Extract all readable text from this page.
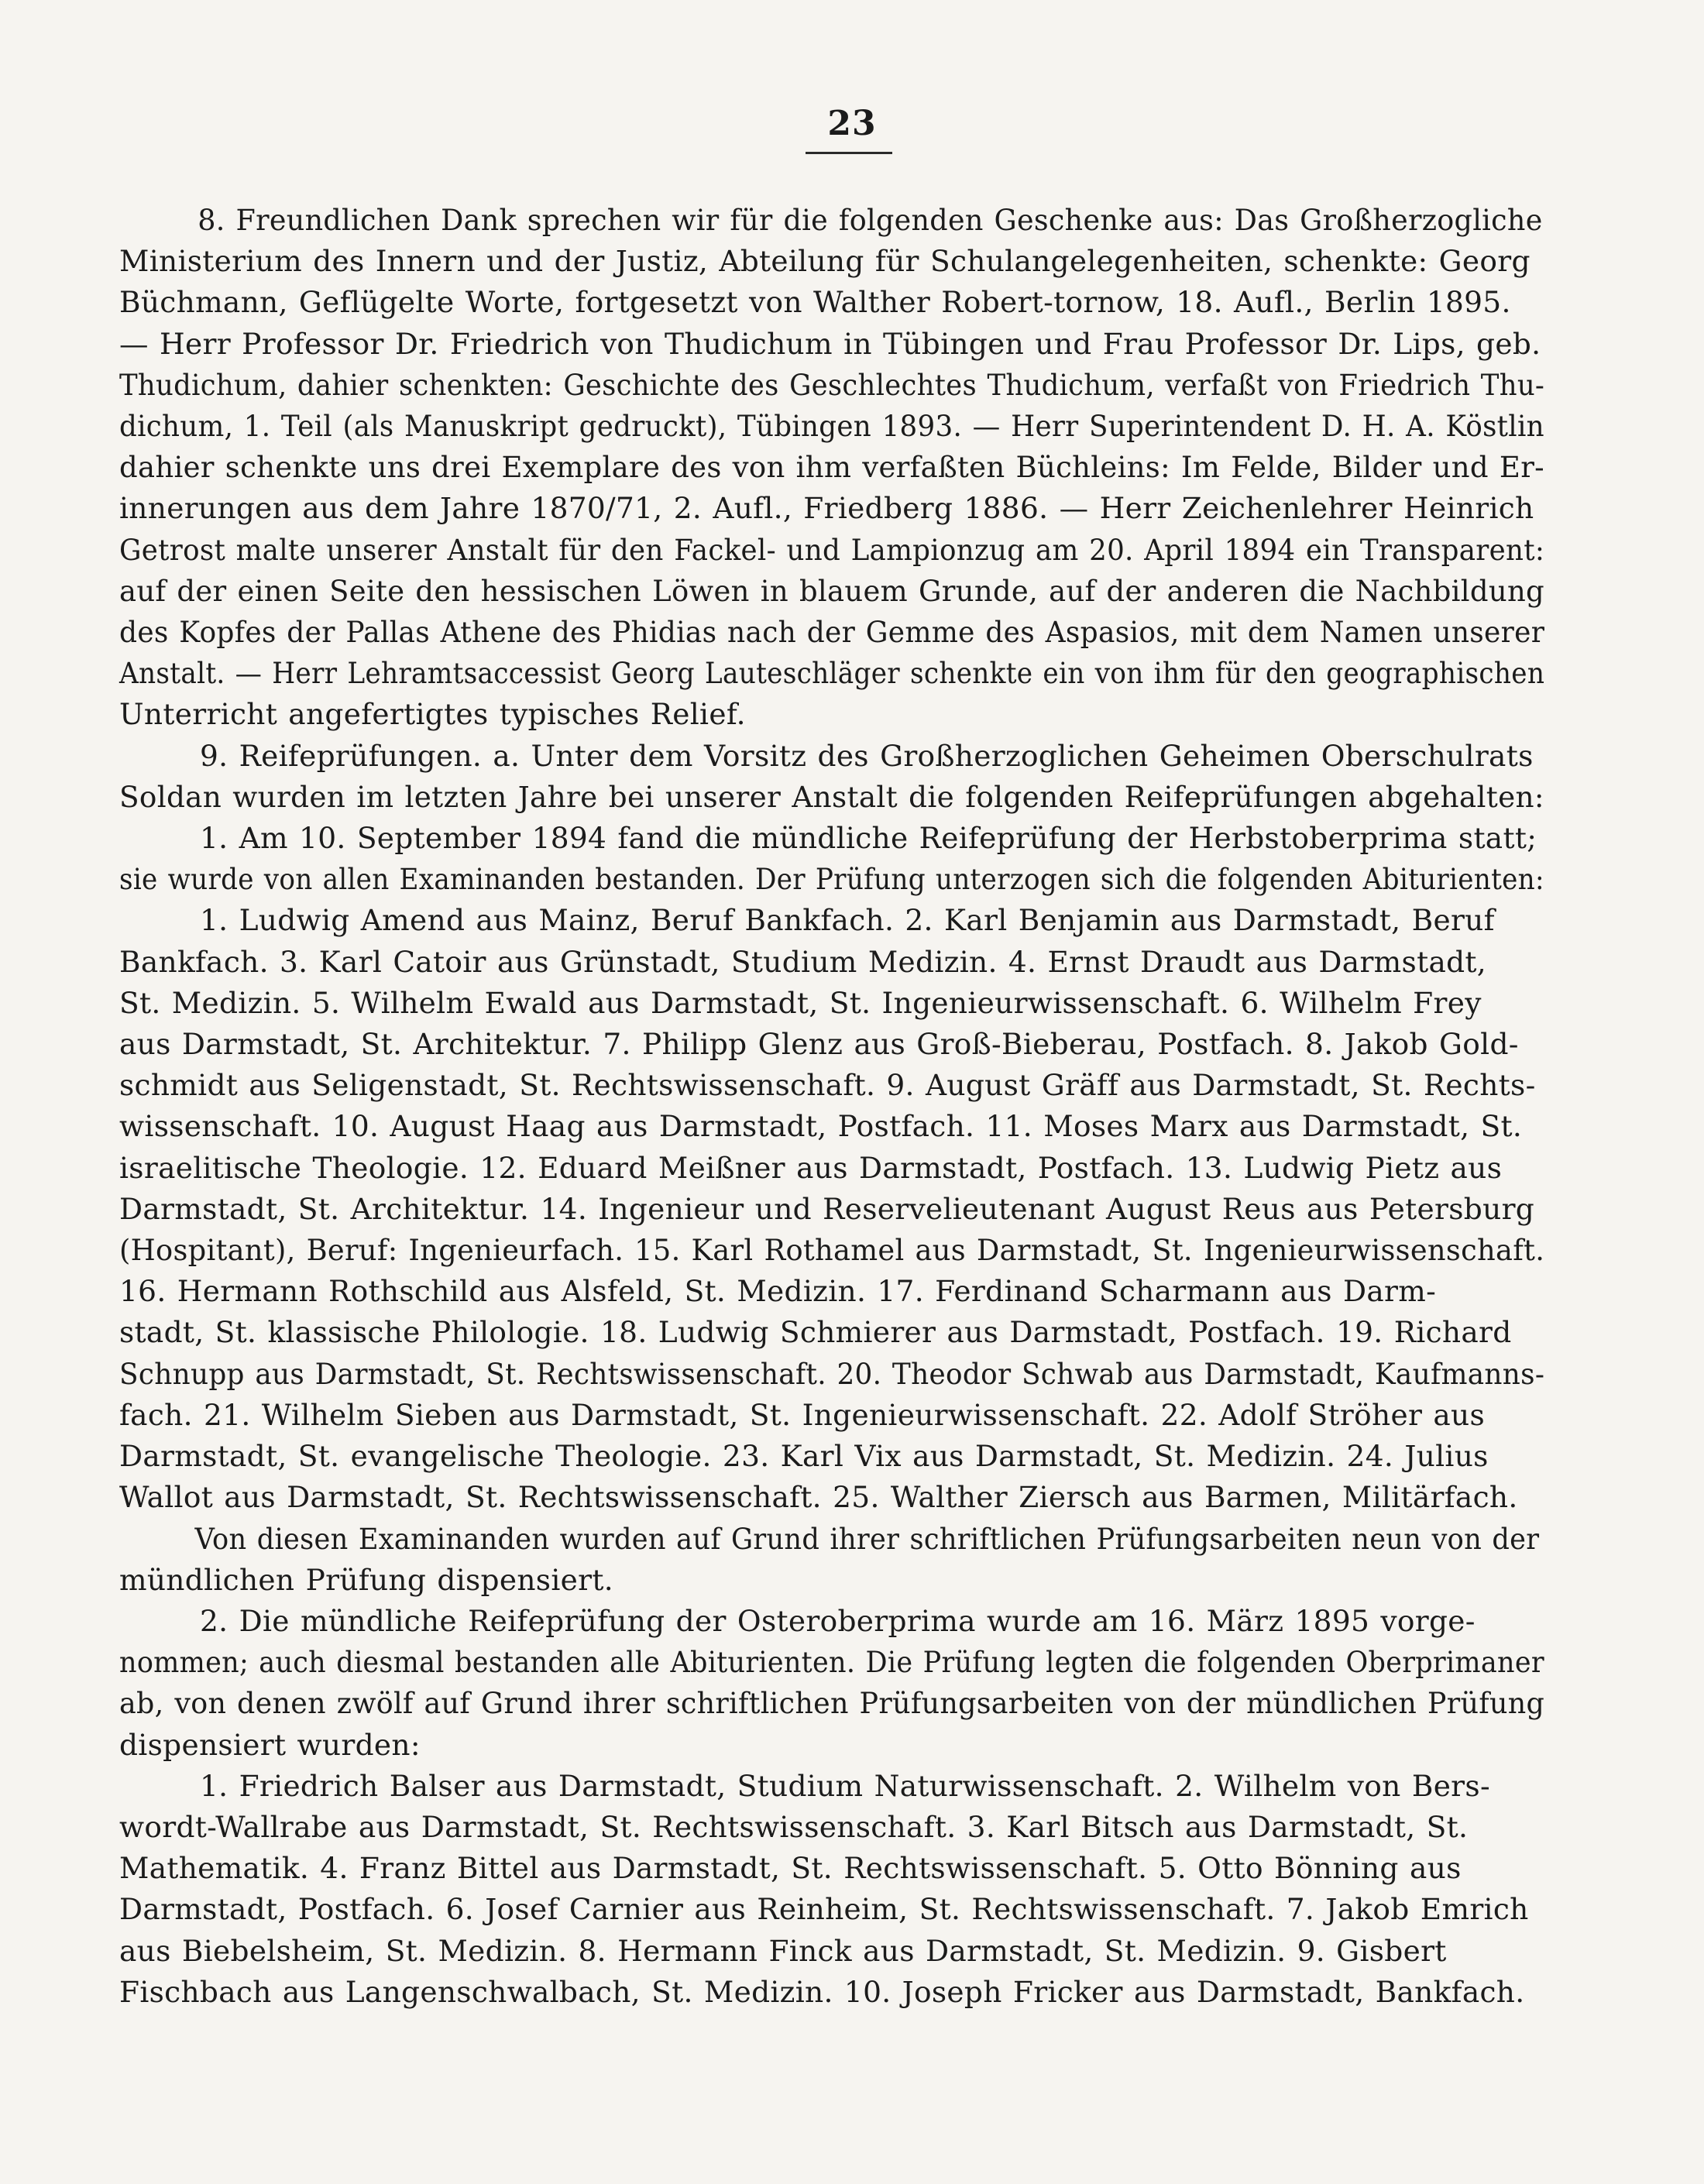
23
8. Freundlichen Dank sprechen wir für die folgenden Geschenke aus: Das Großherzogliche
Ministerium des Innern und der Justiz, Abteilung für Schulangelegenheiten, schenkte: Georg
Büchmann, Geflügelte Worte, fortgesetzt von Walther Robert-tornow, 18. Aufl., Berlin 1895.
— Herr Professor Dr. Friedrich von Thudichum in Tübingen und Frau Professor Dr. Lips, geb.
Thudichum, dahier schenkten: Geschichte des Geschlechtes Thudichum, verfaßt von Friedrich Thu-
dichum, 1. Teil (als Manuskript gedruckt), Tübingen 1893. — Herr Superintendent D. H. A. Köstlin
dahier schenkte uns drei Exemplare des von ihm verfaßten Büchleins: Im Felde, Bilder und Er-
innerungen aus dem Jahre 1870/71, 2. Aufl., Friedberg 1886. — Herr Zeichenlehrer Heinrich
Getrost malte unserer Anstalt für den Fackel- und Lampionzug am 20. April 1894 ein Transparent:
auf der einen Seite den hessischen Löwen in blauem Grunde, auf der anderen die Nachbildung
des Kopfes der Pallas Athene des Phidias nach der Gemme des Aspasios, mit dem Namen unserer
Anstalt. — Herr Lehramtsaccessist Georg Lauteschläger schenkte ein von ihm für den geographischen
Unterricht angefertigtes typisches Relief.
9. Reifeprüfungen. a. Unter dem Vorsitz des Großherzoglichen Geheimen Oberschulrats
Soldan wurden im letzten Jahre bei unserer Anstalt die folgenden Reifeprüfungen abgehalten:
1. Am 10. September 1894 fand die mündliche Reifeprüfung der Herbstoberprima statt;
sie wurde von allen Examinanden bestanden. Der Prüfung unterzogen sich die folgenden Abiturienten:
1. Ludwig Amend aus Mainz, Beruf Bankfach. 2. Karl Benjamin aus Darmstadt, Beruf
Bankfach. 3. Karl Catoir aus Grünstadt, Studium Medizin. 4. Ernst Draudt aus Darmstadt,
St. Medizin. 5. Wilhelm Ewald aus Darmstadt, St. Ingenieurwissenschaft. 6. Wilhelm Frey
aus Darmstadt, St. Architektur. 7. Philipp Glenz aus Groß-Bieberau, Postfach. 8. Jakob Gold-
schmidt aus Seligenstadt, St. Rechtswissenschaft. 9. August Gräff aus Darmstadt, St. Rechts-
wissenschaft. 10. August Haag aus Darmstadt, Postfach. 11. Moses Marx aus Darmstadt, St.
israelitische Theologie. 12. Eduard Meißner aus Darmstadt, Postfach. 13. Ludwig Pietz aus
Darmstadt, St. Architektur. 14. Ingenieur und Reservelieutenant August Reus aus Petersburg
(Hospitant), Beruf: Ingenieurfach. 15. Karl Rothamel aus Darmstadt, St. Ingenieurwissenschaft.
16. Hermann Rothschild aus Alsfeld, St. Medizin. 17. Ferdinand Scharmann aus Darm-
stadt, St. klassische Philologie. 18. Ludwig Schmierer aus Darmstadt, Postfach. 19. Richard
Schnupp aus Darmstadt, St. Rechtswissenschaft. 20. Theodor Schwab aus Darmstadt, Kaufmanns-
fach. 21. Wilhelm Sieben aus Darmstadt, St. Ingenieurwissenschaft. 22. Adolf Ströher aus
Darmstadt, St. evangelische Theologie. 23. Karl Vix aus Darmstadt, St. Medizin. 24. Julius
Wallot aus Darmstadt, St. Rechtswissenschaft. 25. Walther Ziersch aus Barmen, Militärfach.
Von diesen Examinanden wurden auf Grund ihrer schriftlichen Prüfungsarbeiten neun von der
mündlichen Prüfung dispensiert.
2. Die mündliche Reifeprüfung der Osteroberprima wurde am 16. März 1895 vorge-
nommen; auch diesmal bestanden alle Abiturienten. Die Prüfung legten die folgenden Oberprimaner
ab, von denen zwölf auf Grund ihrer schriftlichen Prüfungsarbeiten von der mündlichen Prüfung
dispensiert wurden:
1. Friedrich Balser aus Darmstadt, Studium Naturwissenschaft. 2. Wilhelm von Bers-
wordt-Wallrabe aus Darmstadt, St. Rechtswissenschaft. 3. Karl Bitsch aus Darmstadt, St.
Mathematik. 4. Franz Bittel aus Darmstadt, St. Rechtswissenschaft. 5. Otto Bönning aus
Darmstadt, Postfach. 6. Josef Carnier aus Reinheim, St. Rechtswissenschaft. 7. Jakob Emrich
aus Biebelsheim, St. Medizin. 8. Hermann Finck aus Darmstadt, St. Medizin. 9. Gisbert
Fischbach aus Langenschwalbach, St. Medizin. 10. Joseph Fricker aus Darmstadt, Bankfach.
